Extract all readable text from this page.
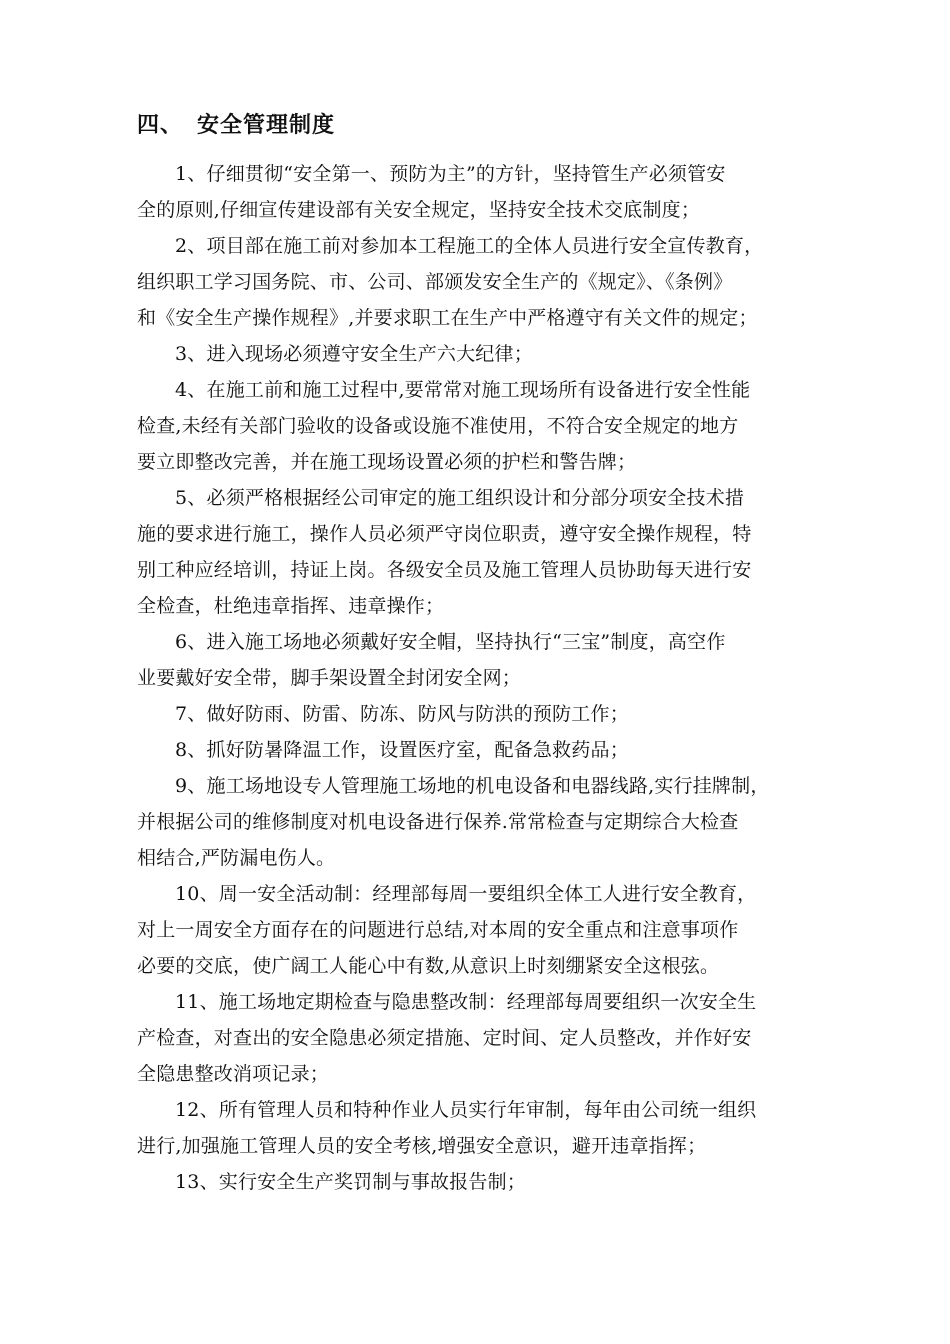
四、 安全管理制度

1、仔细贯彻“安全第一、预防为主”的方针，坚持管生产必须管安
全的原则,仔细宣传建设部有关安全规定，坚持安全技术交底制度；

2、项目部在施工前对参加本工程施工的全体人员进行安全宣传教育，
组织职工学习国务院、市、公司、部颁发安全生产的《规定》、《条例》
和《安全生产操作规程》,并要求职工在生产中严格遵守有关文件的规定；

3、进入现场必须遵守安全生产六大纪律；

4、在施工前和施工过程中,要常常对施工现场所有设备进行安全性能
检查,未经有关部门验收的设备或设施不准使用，不符合安全规定的地方
要立即整改完善，并在施工现场设置必须的护栏和警告牌；

5、必须严格根据经公司审定的施工组织设计和分部分项安全技术措
施的要求进行施工，操作人员必须严守岗位职责，遵守安全操作规程，特
别工种应经培训，持证上岗。各级安全员及施工管理人员协助每天进行安
全检查，杜绝违章指挥、违章操作；

6、进入施工场地必须戴好安全帽，坚持执行“三宝”制度，高空作
业要戴好安全带，脚手架设置全封闭安全网；

7、做好防雨、防雷、防冻、防风与防洪的预防工作；

8、抓好防暑降温工作，设置医疗室，配备急救药品；

9、施工场地设专人管理施工场地的机电设备和电器线路,实行挂牌制，
并根据公司的维修制度对机电设备进行保养.常常检查与定期综合大检查
相结合,严防漏电伤人。

10、周一安全活动制：经理部每周一要组织全体工人进行安全教育，
对上一周安全方面存在的问题进行总结,对本周的安全重点和注意事项作
必要的交底，使广阔工人能心中有数,从意识上时刻绷紧安全这根弦。

11、施工场地定期检查与隐患整改制：经理部每周要组织一次安全生
产检查，对查出的安全隐患必须定措施、定时间、定人员整改，并作好安
全隐患整改消项记录；

12、所有管理人员和特种作业人员实行年审制，每年由公司统一组织
进行,加强施工管理人员的安全考核,增强安全意识，避开违章指挥；

13、实行安全生产奖罚制与事故报告制；
